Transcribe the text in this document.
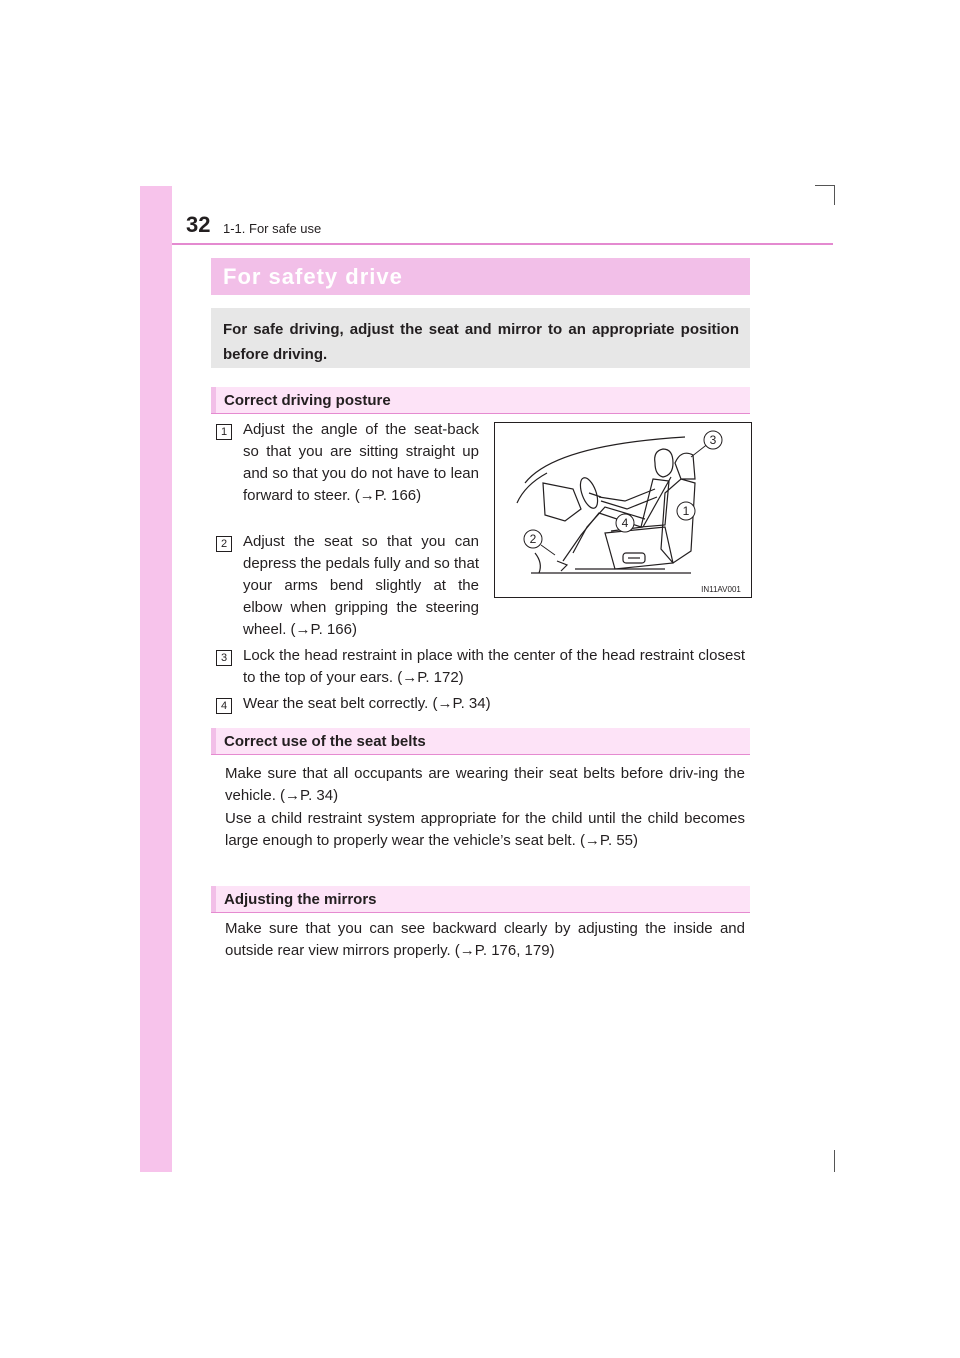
32 1-1. For safe use
For safety drive
For safe driving, adjust the seat and mirror to an appropriate position before driving.
Correct driving posture
1	Adjust the angle of the seat-back so that you are sitting straight up and so that you do not have to lean forward to steer. (→P. 166)
2	Adjust the seat so that you can depress the pedals fully and so that your arms bend slightly at the elbow when gripping the steering wheel. (→P. 166)
3
1
4
2
IN11AV001
3	Lock the head restraint in place with the center of the head restraint closest to the top of your ears. (→P. 172)
4	Wear the seat belt correctly. (→P. 34)
Correct use of the seat belts
Make sure that all occupants are wearing their seat belts before driv-ing the vehicle. (→P. 34)
Use a child restraint system appropriate for the child until the child becomes large enough to properly wear the vehicle’s seat belt. (→P. 55)
Adjusting the mirrors
Make sure that you can see backward clearly by adjusting the inside and outside rear view mirrors properly. (→P. 176, 179)
